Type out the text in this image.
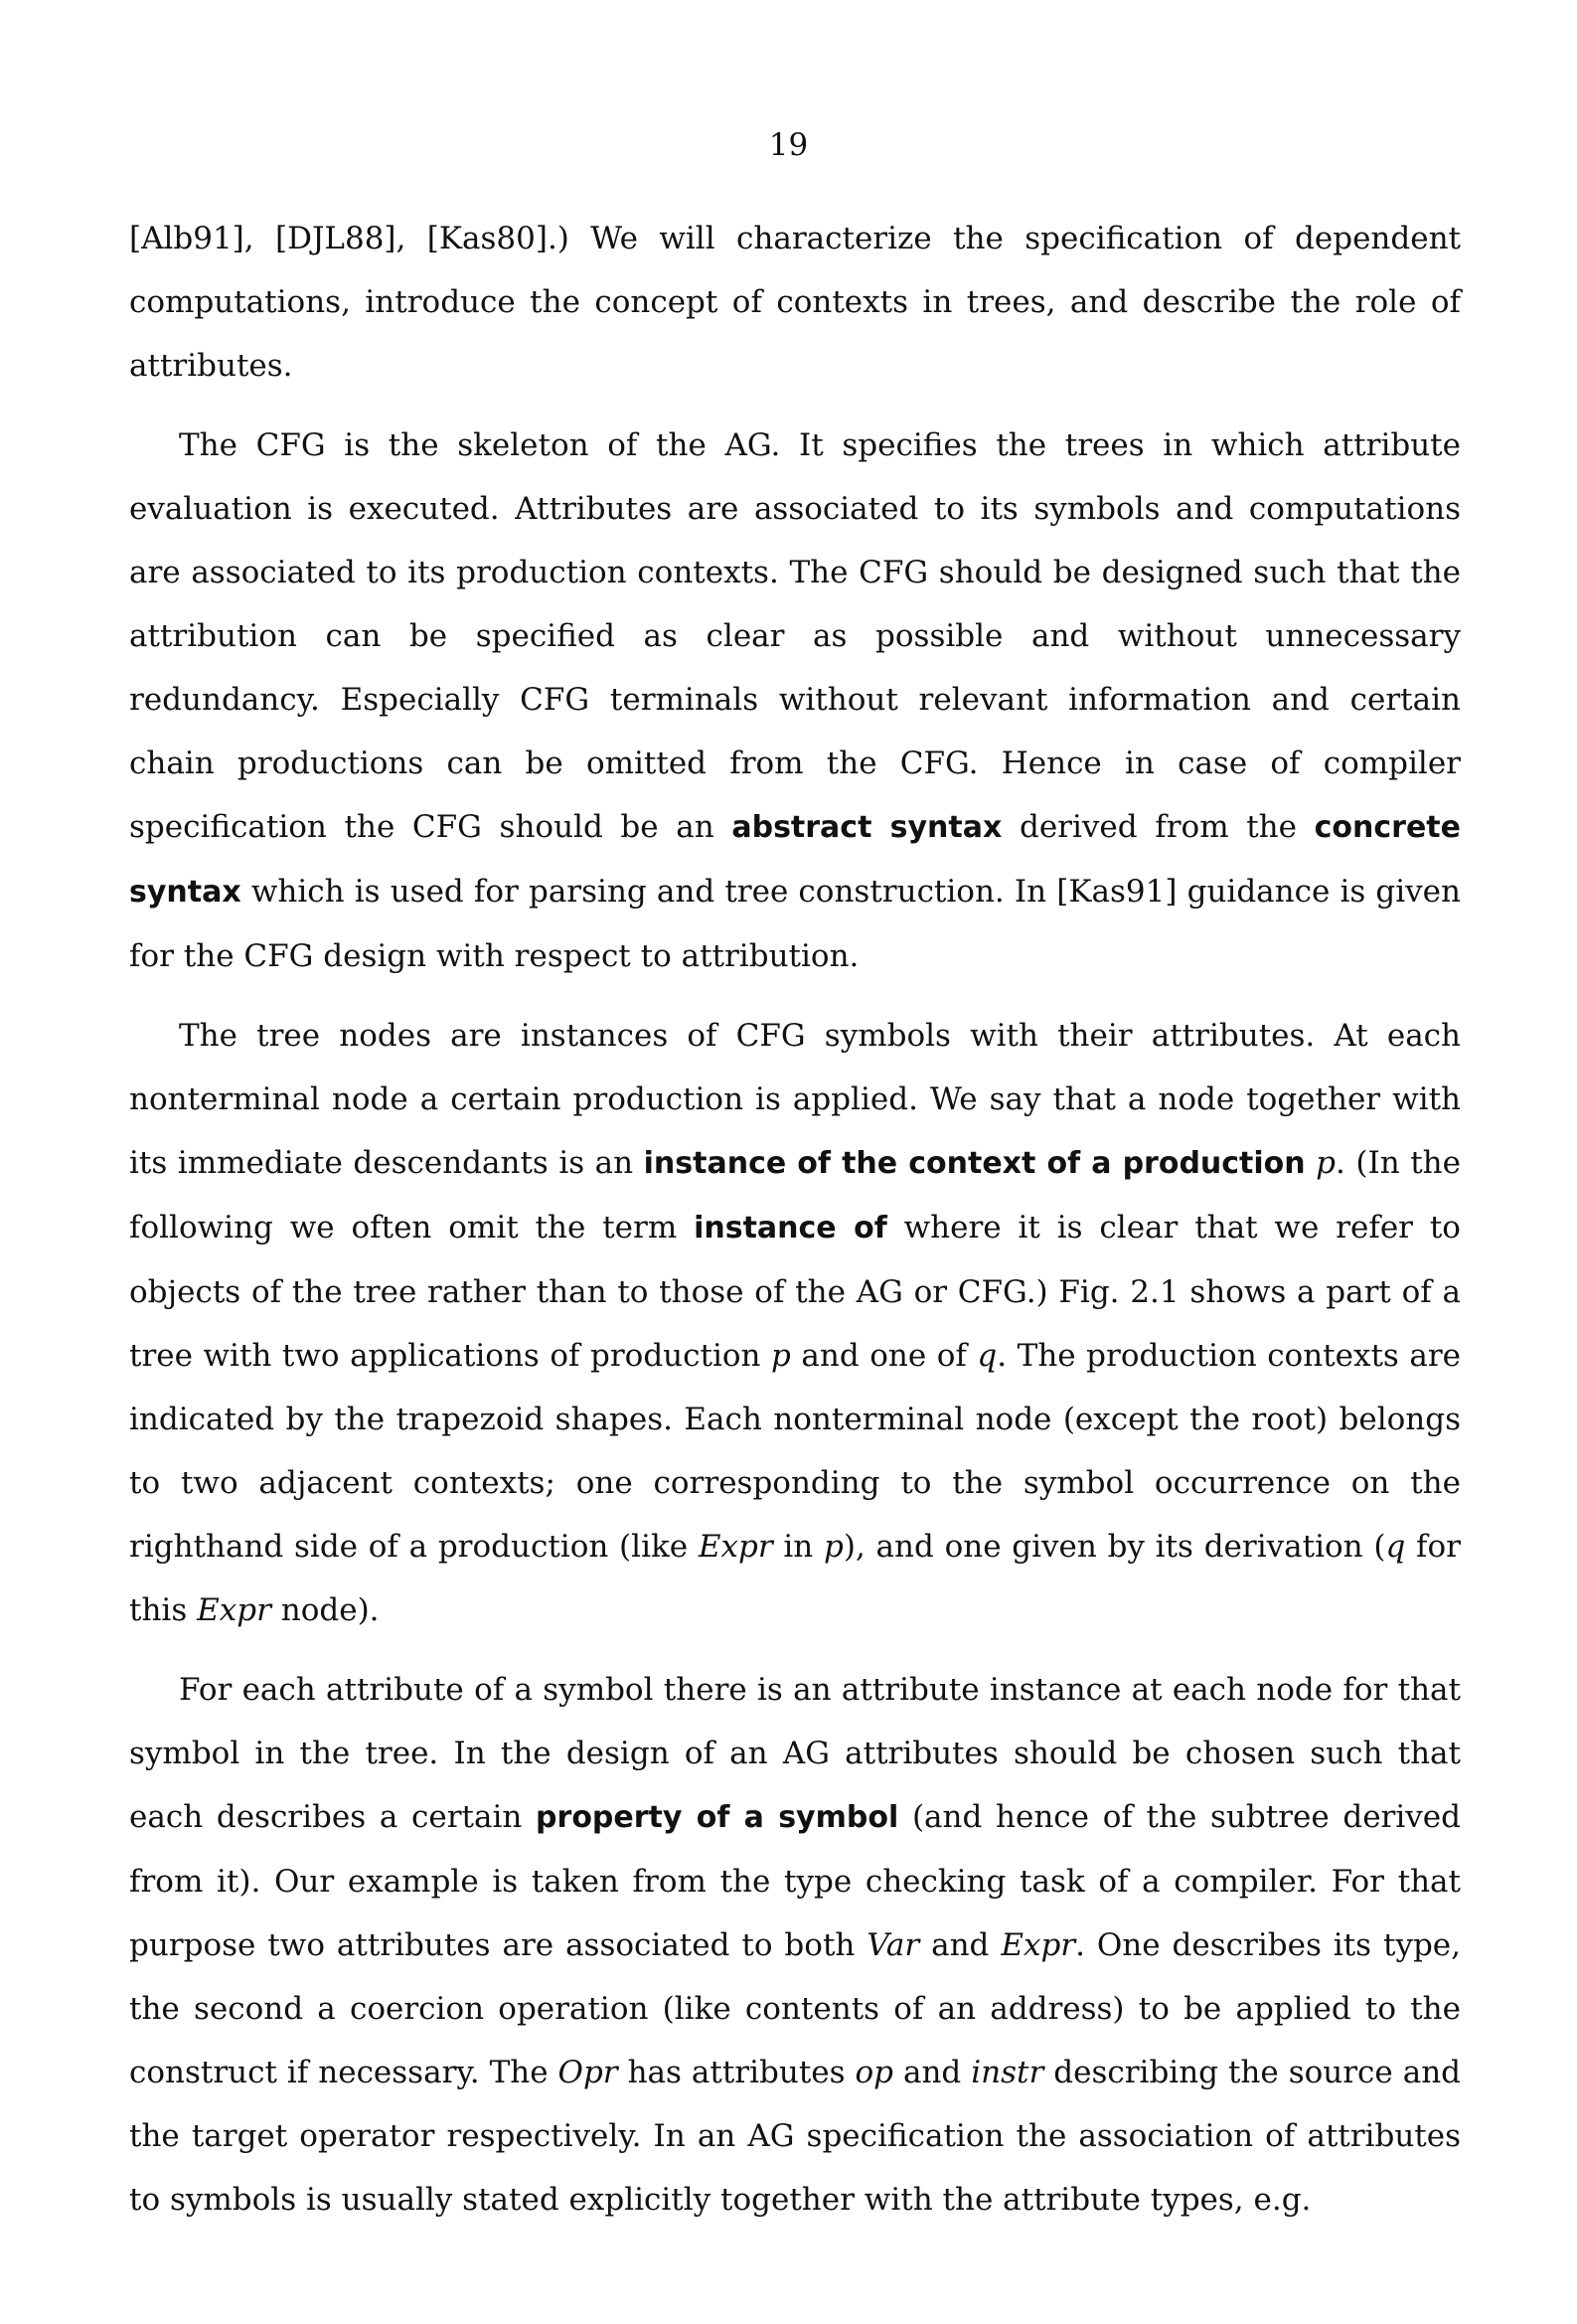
19

[Alb91], [DJL88], [Kas80].) We will characterize the specification of dependent computations, introduce the concept of contexts in trees, and describe the role of attributes.

The CFG is the skeleton of the AG. It specifies the trees in which attribute evaluation is executed. Attributes are associated to its symbols and computations are associated to its production contexts. The CFG should be designed such that the attribution can be specified as clear as possible and without unnecessary redundancy. Especially CFG terminals without relevant information and certain chain productions can be omitted from the CFG. Hence in case of compiler specification the CFG should be an abstract syntax derived from the concrete syntax which is used for parsing and tree construction. In [Kas91] guidance is given for the CFG design with respect to attribution.

The tree nodes are instances of CFG symbols with their attributes. At each nonterminal node a certain production is applied. We say that a node together with its immediate descendants is an instance of the context of a production p. (In the following we often omit the term instance of where it is clear that we refer to objects of the tree rather than to those of the AG or CFG.) Fig. 2.1 shows a part of a tree with two applications of production p and one of q. The production contexts are indicated by the trapezoid shapes. Each nonterminal node (except the root) belongs to two adjacent contexts; one corresponding to the symbol occurrence on the righthand side of a production (like Expr in p), and one given by its derivation (q for this Expr node).

For each attribute of a symbol there is an attribute instance at each node for that symbol in the tree. In the design of an AG attributes should be chosen such that each describes a certain property of a symbol (and hence of the subtree derived from it). Our example is taken from the type checking task of a compiler. For that purpose two attributes are associated to both Var and Expr. One describes its type, the second a coercion operation (like contents of an address) to be applied to the construct if necessary. The Opr has attributes op and instr describing the source and the target operator respectively. In an AG specification the association of attributes to symbols is usually stated explicitly together with the attribute types, e.g.
